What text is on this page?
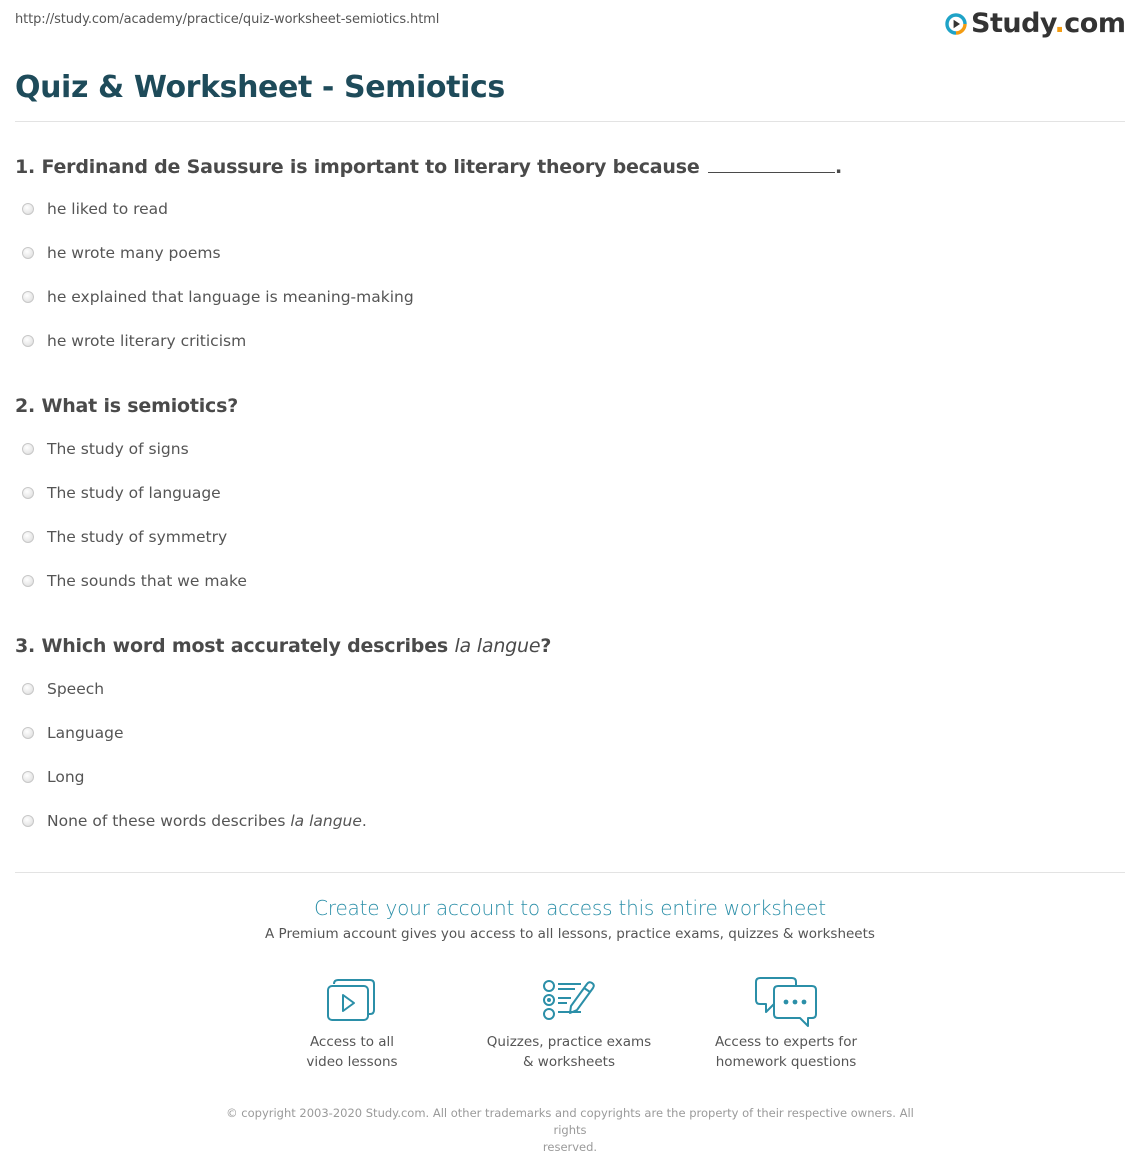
http://study.com/academy/practice/quiz-worksheet-semiotics.html	Study.com
Quiz & Worksheet - Semiotics
1. Ferdinand de Saussure is important to literary theory because	.
he liked to read
he wrote many poems
he explained that language is meaning-making
he wrote literary criticism
2. What is semiotics?
The study of signs
The study of language
The study of symmetry
The sounds that we make
3. Which word most accurately describes la langue?
Speech
Language
Long
None of these words describes la langue.
Create your account to access this entire worksheet
A Premium account gives you access to all lessons, practice exams, quizzes & worksheets
Access to all
video lessons
Quizzes, practice exams
& worksheets
Access to experts for
homework questions
© copyright 2003-2020 Study.com. All other trademarks and copyrights are the property of their respective owners. All rights
reserved.
